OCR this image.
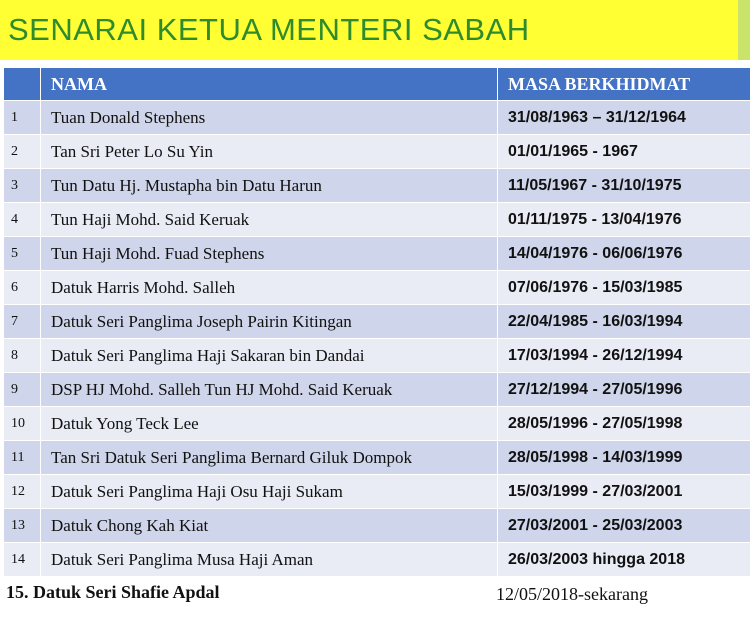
SENARAI KETUA MENTERI SABAH
	NAMA	MASA BERKHIDMAT
1	Tuan Donald Stephens	31/08/1963 – 31/12/1964
2	Tan Sri Peter Lo Su Yin	01/01/1965 - 1967
3	Tun Datu Hj. Mustapha bin Datu Harun	11/05/1967 - 31/10/1975
4	Tun Haji Mohd. Said Keruak	01/11/1975 - 13/04/1976
5	Tun Haji Mohd. Fuad Stephens	14/04/1976 - 06/06/1976
6	Datuk Harris Mohd. Salleh	07/06/1976 - 15/03/1985
7	Datuk Seri Panglima Joseph Pairin Kitingan	22/04/1985 - 16/03/1994
8	Datuk Seri Panglima Haji Sakaran bin Dandai	17/03/1994 - 26/12/1994
9	DSP HJ Mohd. Salleh Tun HJ Mohd. Said Keruak	27/12/1994 - 27/05/1996
10	Datuk Yong Teck Lee	28/05/1996 - 27/05/1998
11	Tan Sri Datuk Seri Panglima Bernard Giluk Dompok	28/05/1998 - 14/03/1999
12	Datuk Seri Panglima Haji Osu Haji Sukam	15/03/1999 - 27/03/2001
13	Datuk Chong Kah Kiat	27/03/2001 - 25/03/2003
14	Datuk Seri Panglima Musa Haji Aman	26/03/2003 hingga 2018
15. Datuk Seri Shafie Apdal	12/05/2018-sekarang
